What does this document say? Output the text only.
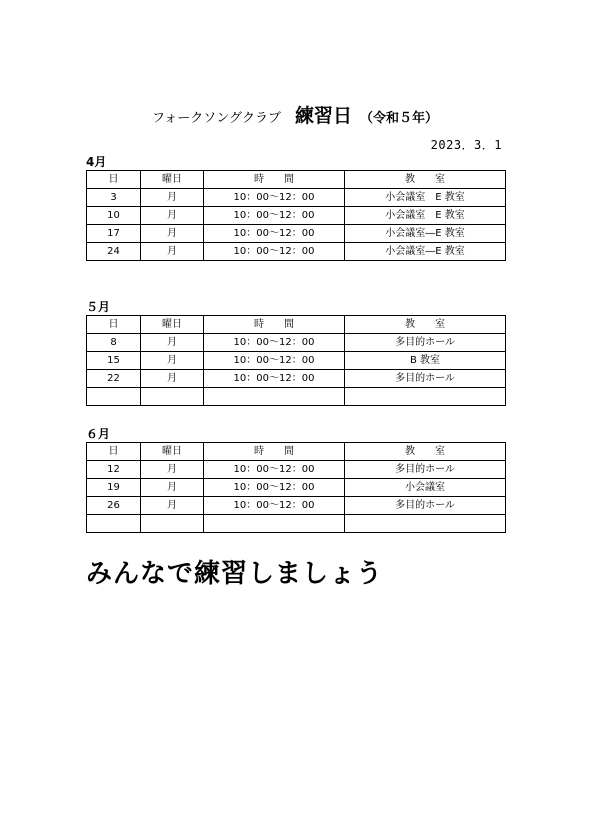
フォークソングクラブ 練習日 （令和５年）
2023．3．1
4月
日	曜日	時　　間	教　　室
3	月	10：00～12：00	小会議室　E 教室
10	月	10：00～12：00	小会議室　E 教室
17	月	10：00～12：00	小会議室―E 教室
24	月	10：00～12：00	小会議室―E 教室
５月
日	曜日	時　　間	教　　室
8	月	10：00～12：00	多目的ホール
15	月	10：00～12：00	B 教室
22	月	10：00～12：00	多目的ホール

６月
日	曜日	時　　間	教　　室
12	月	10：00～12：00	多目的ホール
19	月	10：00～12：00	小会議室
26	月	10：00～12：00	多目的ホール

みんなで練習しましょう
